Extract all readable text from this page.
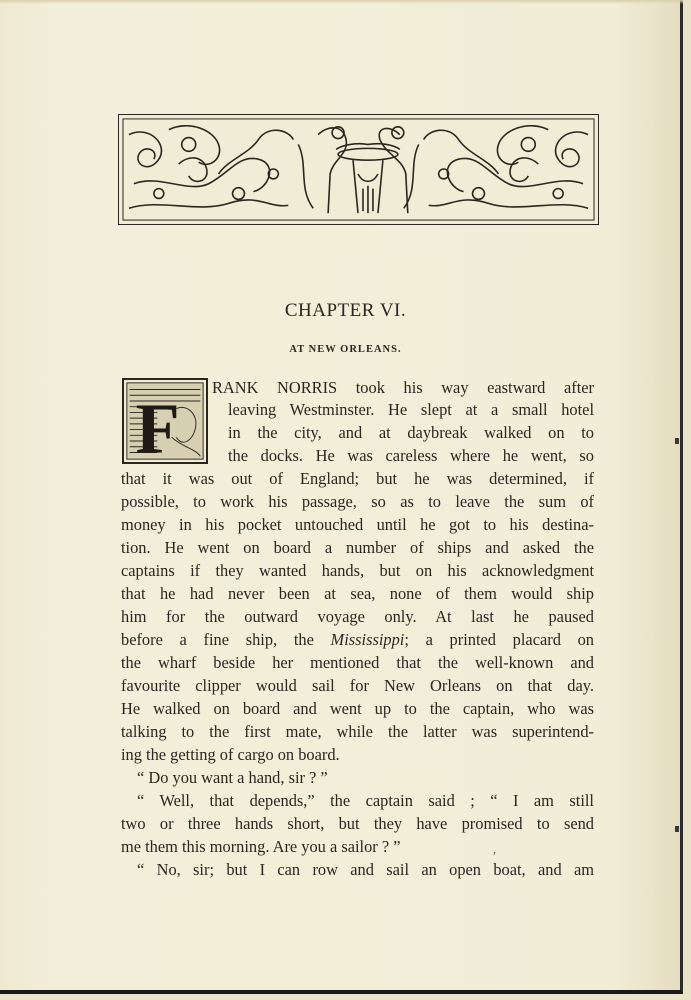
CHAPTER VI.
AT NEW ORLEANS.
F RANK NORRIS took his way eastward after
leaving Westminster. He slept at a small hotel
in the city, and at daybreak walked on to
the docks. He was careless where he went, so
that it was out of England; but he was determined, if
possible, to work his passage, so as to leave the sum of
money in his pocket untouched until he got to his destina-
tion. He went on board a number of ships and asked the
captains if they wanted hands, but on his acknowledgment
that he had never been at sea, none of them would ship
him for the outward voyage only. At last he paused
before a fine ship, the Mississippi; a printed placard on
the wharf beside her mentioned that the well-known and
favourite clipper would sail for New Orleans on that day.
He walked on board and went up to the captain, who was
talking to the first mate, while the latter was superintend-
ing the getting of cargo on board.
“ Do you want a hand, sir ? ”
“ Well, that depends,” the captain said ; “ I am still
two or three hands short, but they have promised to send
me them this morning. Are you a sailor ? ”
“ No, sir; but I can row and sail an open boat, and am
,
